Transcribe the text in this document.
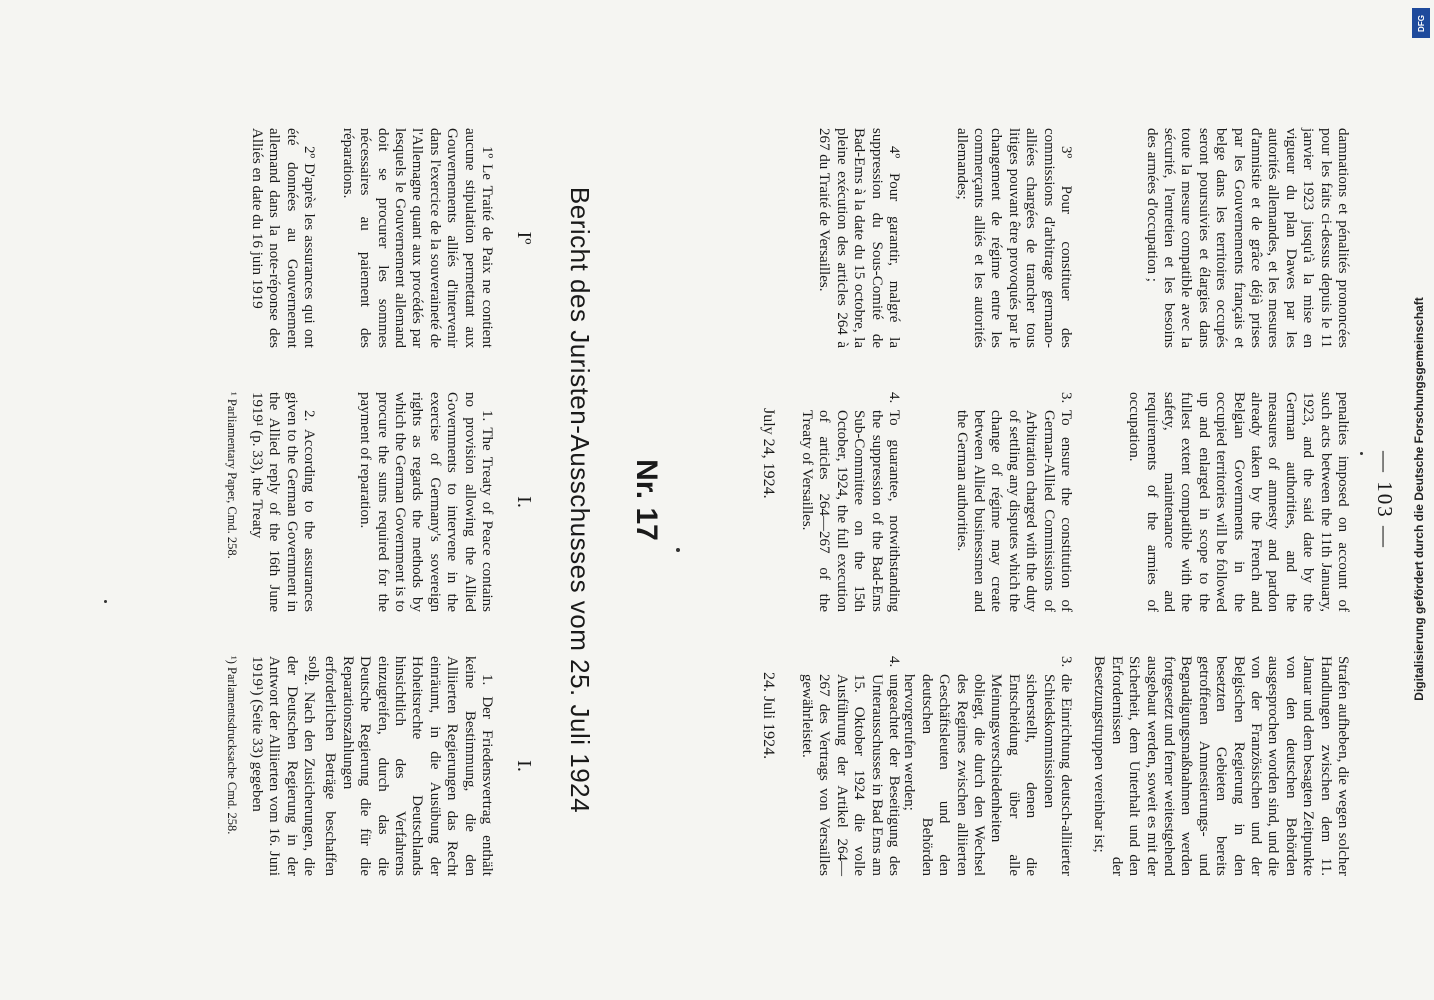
— 103 —

damnations et pénalités prononcées pour les faits ci-dessus depuis le 11 janvier 1923 jusqu'à la mise en vigueur du plan Dawes par les autorités allemandes, et les mesures d'amnistie et de grâce déjà prises par les Gouvernements français et belge dans les territoires occupés seront poursuivies et élargies dans toute la mesure compatible avec la sécurité, l'entretien et les besoins des armées d'occupation ;

penalties imposed on account of such acts between the 11th January, 1923, and the said date by the German authorities, and the measures of amnesty and pardon already taken by the French and Belgian Governments in the occupied territories will be followed up and enlarged in scope to the fullest extent compatible with the safety, maintenance and requirements of the armies of occupation.

Strafen aufheben, die wegen solcher Handlungen zwischen dem 11. Januar und dem besagten Zeitpunkte von den deutschen Behörden ausgesprochen worden sind, und die von der Französischen und der Belgischen Regierung in den besetzten Gebieten bereits getroffenen Amnestierungs- und Begnadigungsmaßnahmen werden fortgesetzt und ferner weitestgehend ausgebaut werden, soweit es mit der Sicherheit, dem Unterhalt und den Erfordernissen der Besetzungstruppen vereinbar ist;

3º Pour constituer des commissions d'arbitrage germano-alliées chargées de trancher tous litiges pouvant être provoqués par le changement de régime entre les commerçants alliés et les autorités allemandes;
3.
To ensure the constitution of German-Allied Commissions of Arbitration charged with the duty of settling any disputes which the change of régime may create between Allied businessmen and the German authorities.
3.
die Einrichtung deutsch-alliierter Schiedskommissionen sicherstellt, denen die Entscheidung über alle Meinungsverschiedenheiten obliegt, die durch den Wechsel des Regimes zwischen alliierten Geschäftsleuten und den deutschen Behörden hervorgerufen werden;
4º Pour garantir, malgré la suppression du Sous-Comité de Bad-Ems à la date du 15 octobre, la pleine exécution des articles 264 à 267 du Traité de Versailles.
4.
To guarantee, notwithstanding the suppression of the Bad-Ems Sub-Committee on the 15th October, 1924, the full execution of articles 264—267 of the Treaty of Versailles.
4.
ungeachtet der Beseitigung des Unterausschusses in Bad Ems am 15. Oktober 1924 die volle Ausführung der Artikel 264—267 des Vertrags von Versailles gewährleistet.
July 24, 1924.
24. Juli 1924.
Nr. 17
Bericht des Juristen-Ausschusses vom 25. Juli 1924
Iº
I.
I.
1º Le Traité de Paix ne contient aucune stipulation permettant aux Gouvernements alliés d'intervenir dans l'exercice de la souveraineté de l'Allemagne quant aux procédés par lesquels le Gouvernement allemand doit se procurer les sommes nécessaires au paiement des réparations.
1. The Treaty of Peace contains no provision allowing the Allied Governments to intervene in the exercise of Germany's sovereign rights as regards the methods by which the German Government is to procure the sums required for the payment of reparation.
1. Der Friedensvertrag enthält keine Bestimmung, die den Alliierten Regierungen das Recht einräumt, in die Ausübung der Hoheitsrechte Deutschlands hinsichtlich des Verfahrens einzugreifen, durch das die Deutsche Regierung die für die Reparationszahlungen erforderlichen Beträge beschaffen soll.
2º D'après les assurances qui ont été données au Gouvernement allemand dans la note-réponse des Alliés en date du 16 juin 1919
2. According to the assurances given to the German Government in the Allied reply of the 16th June 1919¹ (p. 33), the Treaty
2. Nach den Zusicherungen, die der Deutschen Regierung in der Antwort der Alliierten vom 16. Juni 1919¹) (Seite 33) gegeben
¹ Parliamentary Paper, Cmd. 258.
¹) Parlamentsdrucksache Cmd. 258.
DFG
Digitalisierung gefördert durch die Deutsche Forschungsgemeinschaft
